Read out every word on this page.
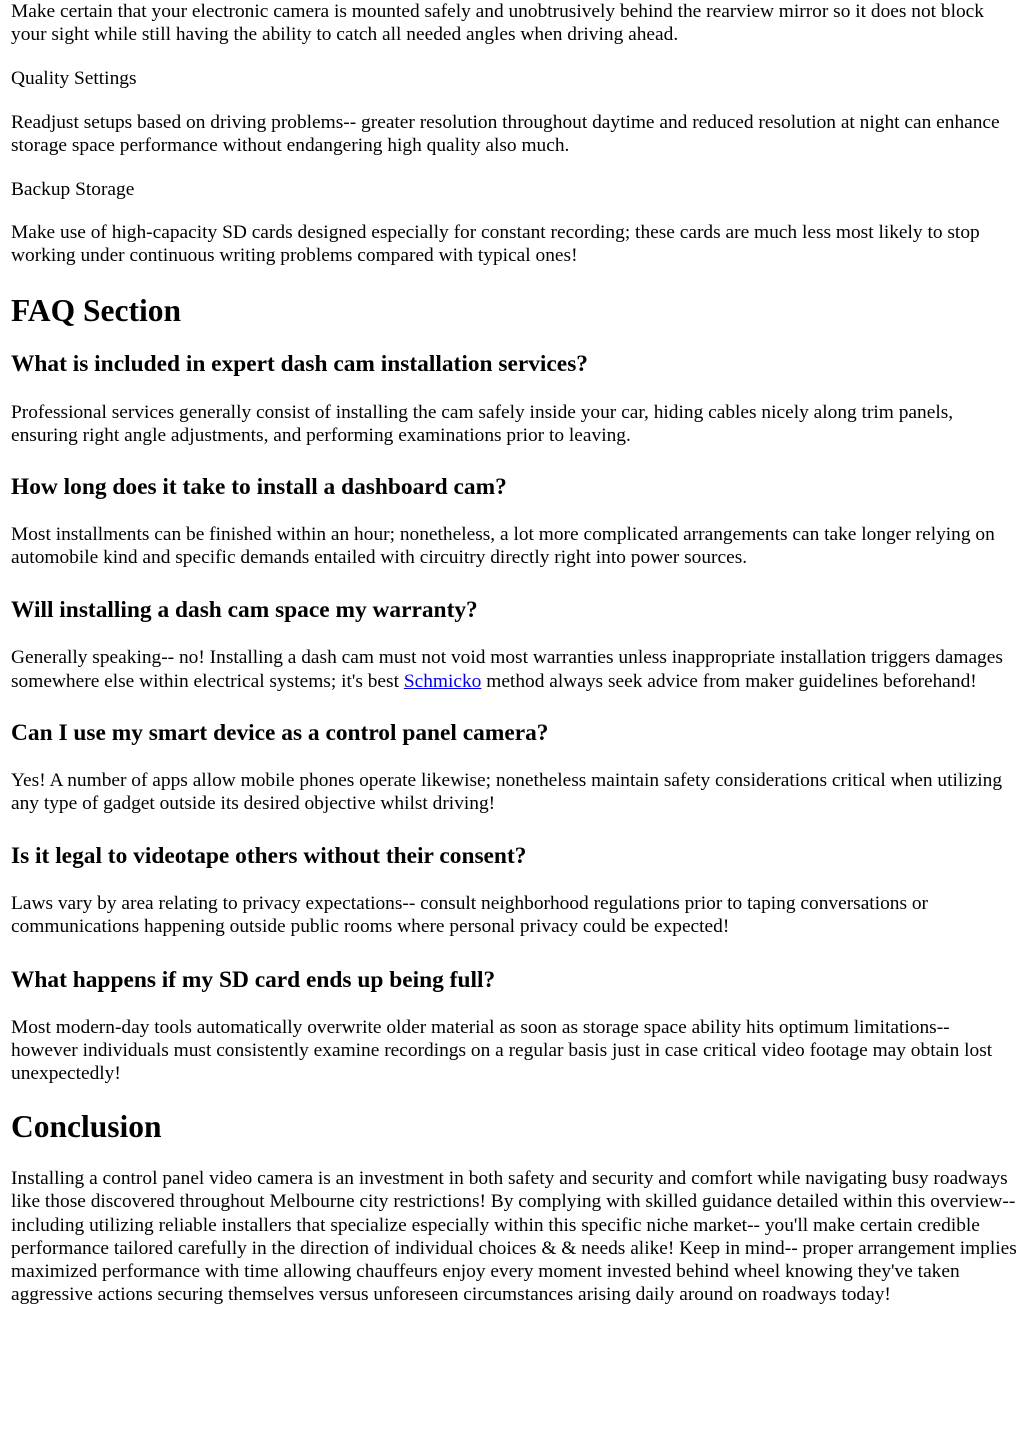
Make certain that your electronic camera is mounted safely and unobtrusively behind the rearview mirror so it does not block your sight while still having the ability to catch all needed angles when driving ahead.

Quality Settings

Readjust setups based on driving problems-- greater resolution throughout daytime and reduced resolution at night can enhance storage space performance without endangering high quality also much.

Backup Storage

Make use of high-capacity SD cards designed especially for constant recording; these cards are much less most likely to stop working under continuous writing problems compared with typical ones!

FAQ Section
What is included in expert dash cam installation services?

Professional services generally consist of installing the cam safely inside your car, hiding cables nicely along trim panels, ensuring right angle adjustments, and performing examinations prior to leaving.

How long does it take to install a dashboard cam?

Most installments can be finished within an hour; nonetheless, a lot more complicated arrangements can take longer relying on automobile kind and specific demands entailed with circuitry directly right into power sources.

Will installing a dash cam space my warranty?

Generally speaking-- no! Installing a dash cam must not void most warranties unless inappropriate installation triggers damages somewhere else within electrical systems; it's best Schmicko method always seek advice from maker guidelines beforehand!

Can I use my smart device as a control panel camera?

Yes! A number of apps allow mobile phones operate likewise; nonetheless maintain safety considerations critical when utilizing any type of gadget outside its desired objective whilst driving!

Is it legal to videotape others without their consent?

Laws vary by area relating to privacy expectations-- consult neighborhood regulations prior to taping conversations or communications happening outside public rooms where personal privacy could be expected!

What happens if my SD card ends up being full?

Most modern-day tools automatically overwrite older material as soon as storage space ability hits optimum limitations-- however individuals must consistently examine recordings on a regular basis just in case critical video footage may obtain lost unexpectedly!

Conclusion

Installing a control panel video camera is an investment in both safety and security and comfort while navigating busy roadways like those discovered throughout Melbourne city restrictions! By complying with skilled guidance detailed within this overview-- including utilizing reliable installers that specialize especially within this specific niche market-- you'll make certain credible performance tailored carefully in the direction of individual choices & & needs alike! Keep in mind-- proper arrangement implies maximized performance with time allowing chauffeurs enjoy every moment invested behind wheel knowing they've taken aggressive actions securing themselves versus unforeseen circumstances arising daily around on roadways today!
